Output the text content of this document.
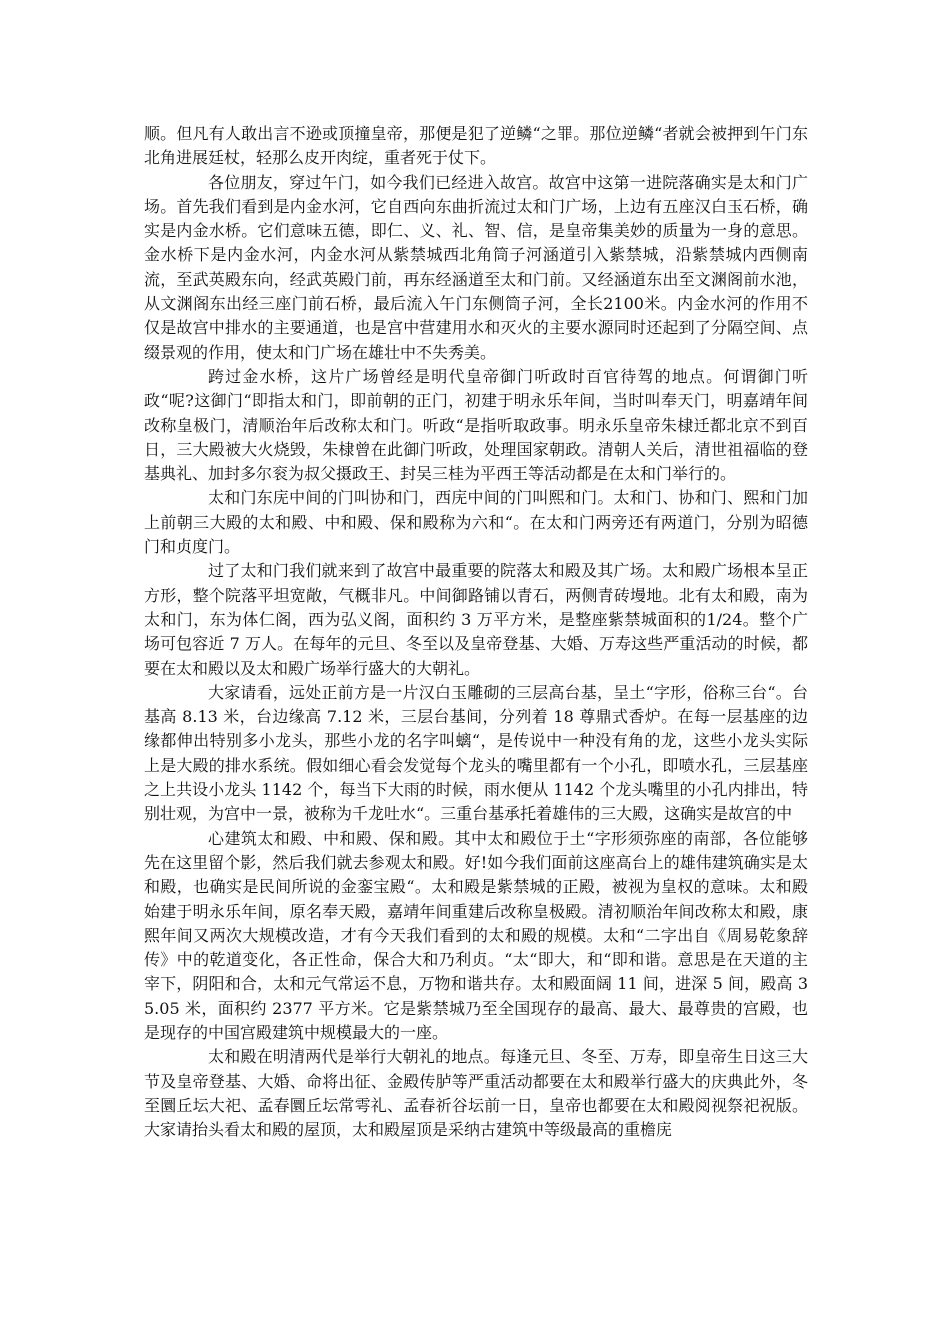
顺。但凡有人敢出言不逊或顶撞皇帝，那便是犯了逆鳞“之罪。那位逆鳞“者就会被押到午门东北角进展廷杖，轻那么皮开肉绽，重者死于仗下。

各位朋友，穿过午门，如今我们已经进入故宫。故宫中这第一进院落确实是太和门广场。首先我们看到是内金水河，它自西向东曲折流过太和门广场，上边有五座汉白玉石桥，确实是内金水桥。它们意味五德，即仁、义、礼、智、信，是皇帝集美妙的质量为一身的意思。金水桥下是内金水河，内金水河从紫禁城西北角筒子河涵道引入紫禁城，沿紫禁城内西侧南流，至武英殿东向，经武英殿门前，再东经涵道至太和门前。又经涵道东出至文渊阁前水池，从文渊阁东出经三座门前石桥，最后流入午门东侧筒子河，全长2100米。内金水河的作用不仅是故宫中排水的主要通道，也是宫中营建用水和灭火的主要水源同时还起到了分隔空间、点缀景观的作用，使太和门广场在雄壮中不失秀美。

跨过金水桥，这片广场曾经是明代皇帝御门听政时百官待驾的地点。何谓御门听政“呢?这御门“即指太和门，即前朝的正门，初建于明永乐年间，当时叫奉天门，明嘉靖年间改称皇极门，清顺治年后改称太和门。听政“是指听取政事。明永乐皇帝朱棣迁都北京不到百日，三大殿被大火烧毁，朱棣曾在此御门听政，处理国家朝政。清朝人关后，清世祖福临的登基典礼、加封多尔衮为叔父摄政王、封吴三桂为平西王等活动都是在太和门举行的。

太和门东庑中间的门叫协和门，西庑中间的门叫熙和门。太和门、协和门、熙和门加上前朝三大殿的太和殿、中和殿、保和殿称为六和“。在太和门两旁还有两道门，分别为昭德门和贞度门。

过了太和门我们就来到了故宫中最重要的院落太和殿及其广场。太和殿广场根本呈正方形，整个院落平坦宽敞，气概非凡。中间御路铺以青石，两侧青砖墁地。北有太和殿，南为太和门，东为体仁阁，西为弘义阁，面积约 3 万平方米，是整座紫禁城面积的1/24。整个广场可包容近 7 万人。在每年的元旦、冬至以及皇帝登基、大婚、万寿这些严重活动的时候，都要在太和殿以及太和殿广场举行盛大的大朝礼。

大家请看，远处正前方是一片汉白玉雕砌的三层高台基，呈土“字形，俗称三台“。台基高 8.13 米，台边缘高 7.12 米，三层台基间，分列着 18 尊鼎式香炉。在每一层基座的边缘都伸出特别多小龙头，那些小龙的名字叫螭“，是传说中一种没有角的龙，这些小龙头实际上是大殿的排水系统。假如细心看会发觉每个龙头的嘴里都有一个小孔，即喷水孔，三层基座之上共设小龙头 1142 个，每当下大雨的时候，雨水便从 1142 个龙头嘴里的小孔内排出，特别壮观，为宫中一景，被称为千龙吐水“。三重台基承托着雄伟的三大殿，这确实是故宫的中

心建筑太和殿、中和殿、保和殿。其中太和殿位于土“字形须弥座的南部，各位能够先在这里留个影，然后我们就去参观太和殿。好!如今我们面前这座高台上的雄伟建筑确实是太和殿，也确实是民间所说的金銮宝殿“。太和殿是紫禁城的正殿，被视为皇权的意味。太和殿始建于明永乐年间，原名奉天殿，嘉靖年间重建后改称皇极殿。清初顺治年间改称太和殿，康熙年间又两次大规模改造，才有今天我们看到的太和殿的规模。太和“二字出自《周易乾象辞传》中的乾道变化，各正性命，保合大和乃利贞。“太“即大，和“即和谐。意思是在天道的主宰下，阴阳和合，太和元气常运不息，万物和谐共存。太和殿面阔 11 间，进深 5 间，殿高 35.05 米，面积约 2377 平方米。它是紫禁城乃至全国现存的最高、最大、最尊贵的宫殿，也是现存的中国宫殿建筑中规模最大的一座。

太和殿在明清两代是举行大朝礼的地点。每逢元旦、冬至、万寿，即皇帝生日这三大节及皇帝登基、大婚、命将出征、金殿传胪等严重活动都要在太和殿举行盛大的庆典此外，冬至圜丘坛大祀、孟春圜丘坛常雩礼、孟春祈谷坛前一日，皇帝也都要在太和殿阅视祭祀祝版。大家请抬头看太和殿的屋顶，太和殿屋顶是采纳古建筑中等级最高的重檐庑
